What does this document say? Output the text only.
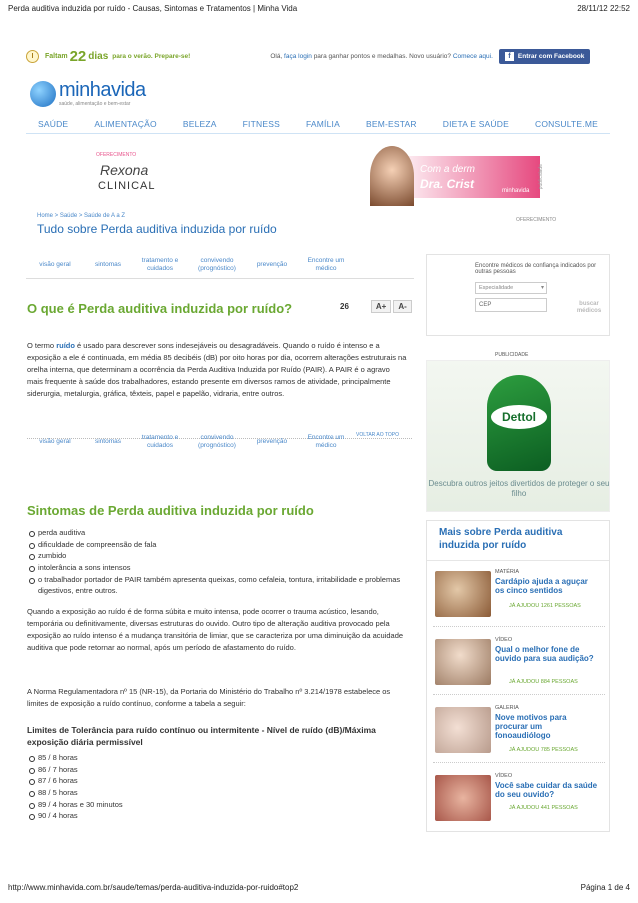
Perda auditiva induzida por ruído - Causas, Sintomas e Tratamentos | Minha Vida	28/11/12 22:52
Faltam 22 dias para o verão. Prepare-se!	Olá, faça login para ganhar pontos e medalhas. Novo usuário? Comece aqui.	f	Entrar com Facebook
minhavida
saúde, alimentação e bem-estar
SAÚDE	ALIMENTAÇÃO	BELEZA	FITNESS	FAMÍLIA	BEM-ESTAR	DIETA E SAÚDE	CONSULTE.ME
OFERECIMENTO
Rexona
CLINICAL
Com a derm
Dra. Crist	minhavida
publicidade
Home > Saúde > Saúde de A a Z
Tudo sobre Perda auditiva induzida por ruído
OFERECIMENTO
visão geral	sintomas
tratamento e cuidados
convivendo (prognóstico)
prevenção
Encontre um médico
O que é Perda auditiva induzida por ruído?	26	A+	A-
O termo ruído é usado para descrever sons indesejáveis ou desagradáveis. Quando o ruído é intenso e a exposição a ele é continuada, em média 85 decibéis (dB) por oito horas por dia, ocorrem alterações estruturais na orelha interna, que determinam a ocorrência da Perda Auditiva Induzida por Ruído (PAIR). A PAIR é o agravo mais frequente à saúde dos trabalhadores, estando presente em diversos ramos de atividade, principalmente siderurgia, metalurgia, gráfica, têxteis, papel e papelão, vidraria, entre outros.
VOLTAR AO TOPO
visão geral	sintomas
tratamento e cuidados
convivendo (prognóstico)
prevenção
Encontre um médico
Sintomas de Perda auditiva induzida por ruído
perda auditiva
dificuldade de compreensão de fala
zumbido
intolerância a sons intensos
o trabalhador portador de PAIR também apresenta queixas, como cefaleia, tontura, irritabilidade e problemas digestivos, entre outros.
Quando a exposição ao ruído é de forma súbita e muito intensa, pode ocorrer o trauma acústico, lesando, temporária ou definitivamente, diversas estruturas do ouvido. Outro tipo de alteração auditiva provocado pela exposição ao ruído intenso é a mudança transitória de limiar, que se caracteriza por uma diminuição da acuidade auditiva que pode retornar ao normal, após um período de afastamento do ruído.
A Norma Regulamentadora nº 15 (NR-15), da Portaria do Ministério do Trabalho nº 3.214/1978 estabelece os limites de exposição a ruído contínuo, conforme a tabela a seguir:
Limites de Tolerância para ruído contínuo ou intermitente - Nível de ruído (dB)/Máxima exposição diária permissível
85 / 8 horas
86 / 7 horas
87 / 6 horas
88 / 5 horas
89 / 4 horas e 30 minutos
90 / 4 horas
Encontre médicos de confiança indicados por outras pessoas
Especialidade	▾
CEP	buscar médicos
PUBLICIDADE
Dettol
Descubra outros jeitos divertidos de proteger o seu filho
Mais sobre Perda auditiva induzida por ruído
MATÉRIA
Cardápio ajuda a aguçar os cinco sentidos
JÁ AJUDOU 1261 PESSOAS
VÍDEO
Qual o melhor fone de ouvido para sua audição?
JÁ AJUDOU 884 PESSOAS
GALERIA
Nove motivos para procurar um fonoaudiólogo
JÁ AJUDOU 785 PESSOAS
VÍDEO
Você sabe cuidar da saúde do seu ouvido?
JÁ AJUDOU 441 PESSOAS
http://www.minhavida.com.br/saude/temas/perda-auditiva-induzida-por-ruido#top2	Página 1 de 4
